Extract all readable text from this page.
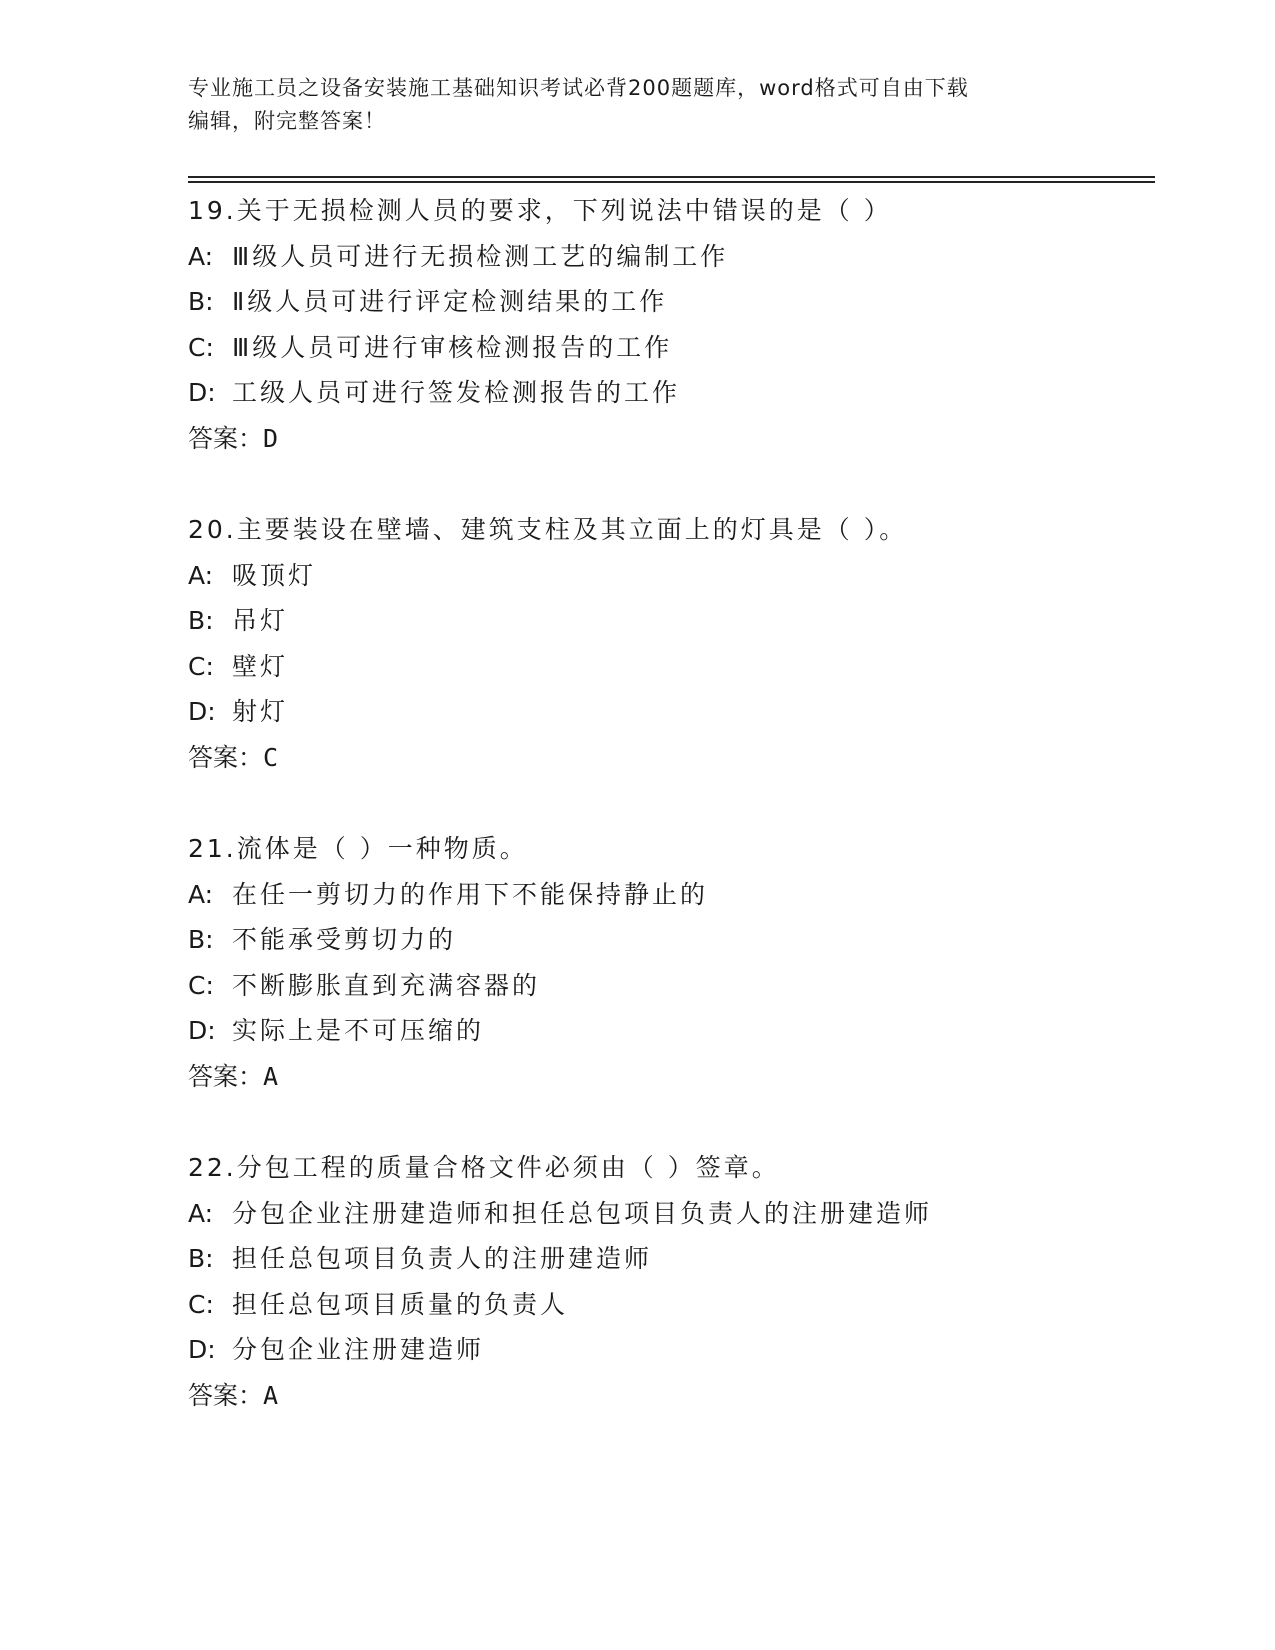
专业施工员之设备安装施工基础知识考试必背200题题库，word格式可自由下载
编辑，附完整答案！
19.关于无损检测人员的要求，下列说法中错误的是（ ）
A: Ⅲ级人员可进行无损检测工艺的编制工作
B: Ⅱ级人员可进行评定检测结果的工作
C: Ⅲ级人员可进行审核检测报告的工作
D: 工级人员可进行签发检测报告的工作
答案：D
20.主要装设在壁墙、建筑支柱及其立面上的灯具是（ ）。
A: 吸顶灯
B: 吊灯
C: 壁灯
D: 射灯
答案：C
21.流体是（ ）一种物质。
A: 在任一剪切力的作用下不能保持静止的
B: 不能承受剪切力的
C: 不断膨胀直到充满容器的
D: 实际上是不可压缩的
答案：A
22.分包工程的质量合格文件必须由（ ）签章。
A: 分包企业注册建造师和担任总包项目负责人的注册建造师
B: 担任总包项目负责人的注册建造师
C: 担任总包项目质量的负责人
D: 分包企业注册建造师
答案：A
